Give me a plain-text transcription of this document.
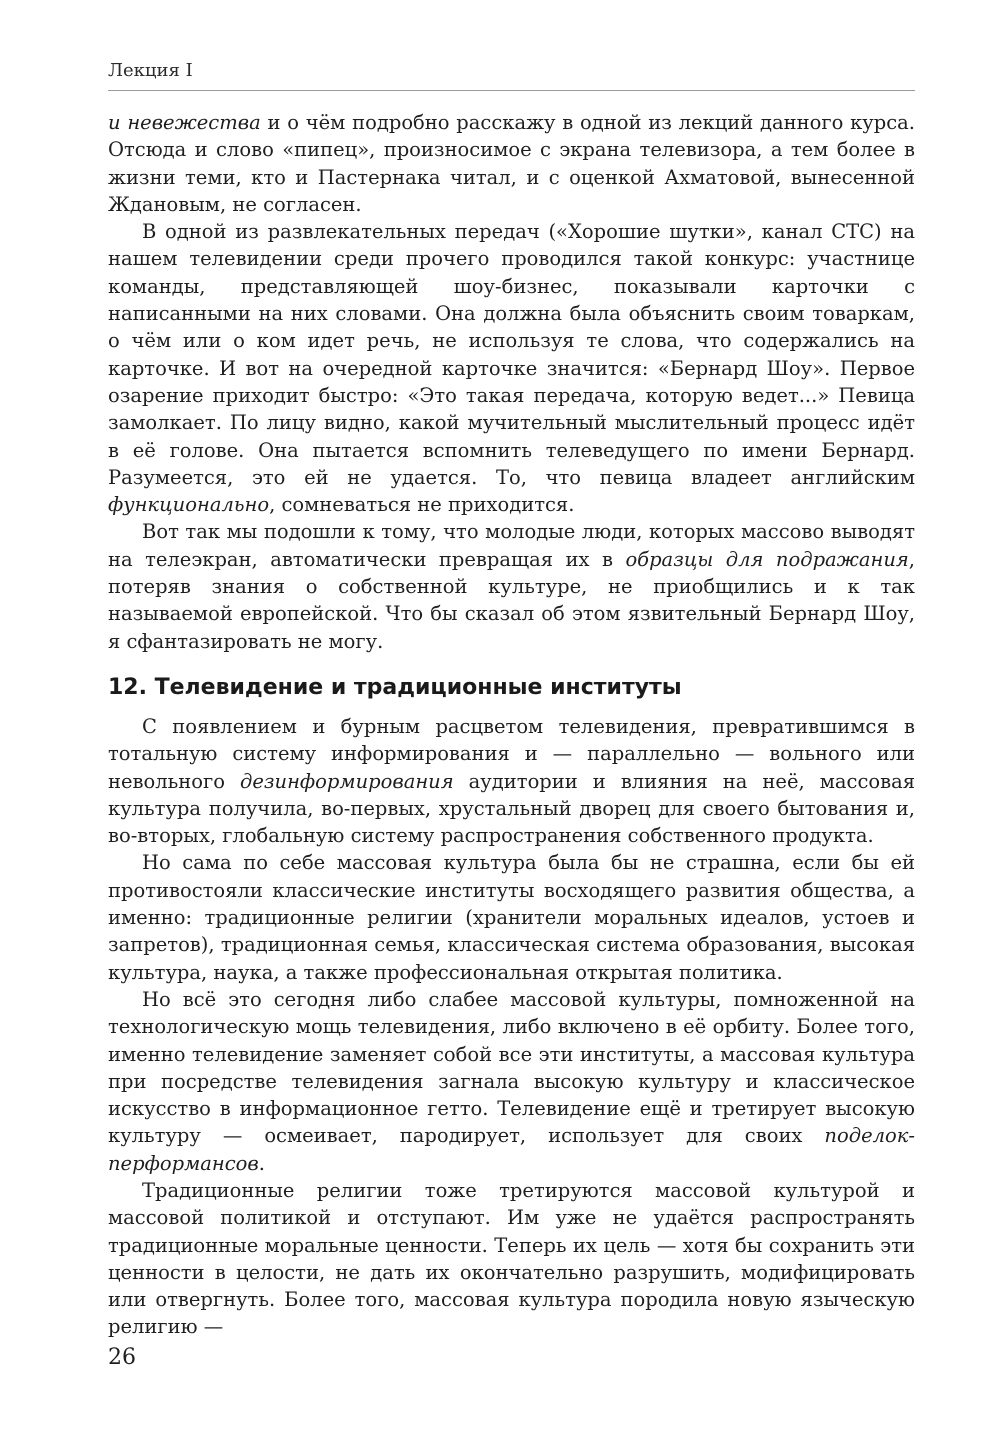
Лекция I

и невежества и о чём подробно расскажу в одной из лекций данного курса. Отсюда и слово «пипец», произносимое с экрана телевизора, а тем более в жизни теми, кто и Пастернака читал, и с оценкой Ахматовой, вынесенной Ждановым, не согласен.

В одной из развлекательных передач («Хорошие шутки», канал СТС) на нашем телевидении среди прочего проводился такой конкурс: участнице команды, представляющей шоу-бизнес, показывали карточки с написанными на них словами. Она должна была объяснить своим товаркам, о чём или о ком идет речь, не используя те слова, что содержались на карточке. И вот на очередной карточке значится: «Бернард Шоу». Первое озарение приходит быстро: «Это такая передача, которую ведет...» Певица замолкает. По лицу видно, какой мучительный мыслительный процесс идёт в её голове. Она пытается вспомнить телеведущего по имени Бернард. Разумеется, это ей не удается. То, что певица владеет английским функционально, сомневаться не приходится.

Вот так мы подошли к тому, что молодые люди, которых массово выводят на телеэкран, автоматически превращая их в образцы для подражания, потеряв знания о собственной культуре, не приобщились и к так называемой европейской. Что бы сказал об этом язвительный Бернард Шоу, я сфантазировать не могу.

12. Телевидение и традиционные институты

С появлением и бурным расцветом телевидения, превратившимся в тотальную систему информирования и — параллельно — вольного или невольного дезинформирования аудитории и влияния на неё, массовая культура получила, во-первых, хрустальный дворец для своего бытования и, во-вторых, глобальную систему распространения собственного продукта.

Но сама по себе массовая культура была бы не страшна, если бы ей противостояли классические институты восходящего развития общества, а именно: традиционные религии (хранители моральных идеалов, устоев и запретов), традиционная семья, классическая система образования, высокая культура, наука, а также профессиональная открытая политика.

Но всё это сегодня либо слабее массовой культуры, помноженной на технологическую мощь телевидения, либо включено в её орбиту. Более того, именно телевидение заменяет собой все эти институты, а массовая культура при посредстве телевидения загнала высокую культуру и классическое искусство в информационное гетто. Телевидение ещё и третирует высокую культуру — осмеивает, пародирует, использует для своих поделок-перформансов.

Традиционные религии тоже третируются массовой культурой и массовой политикой и отступают. Им уже не удаётся распространять традиционные моральные ценности. Теперь их цель — хотя бы сохранить эти ценности в целости, не дать их окончательно разрушить, модифицировать или отвергнуть. Более того, массовая культура породила новую языческую религию —

26
